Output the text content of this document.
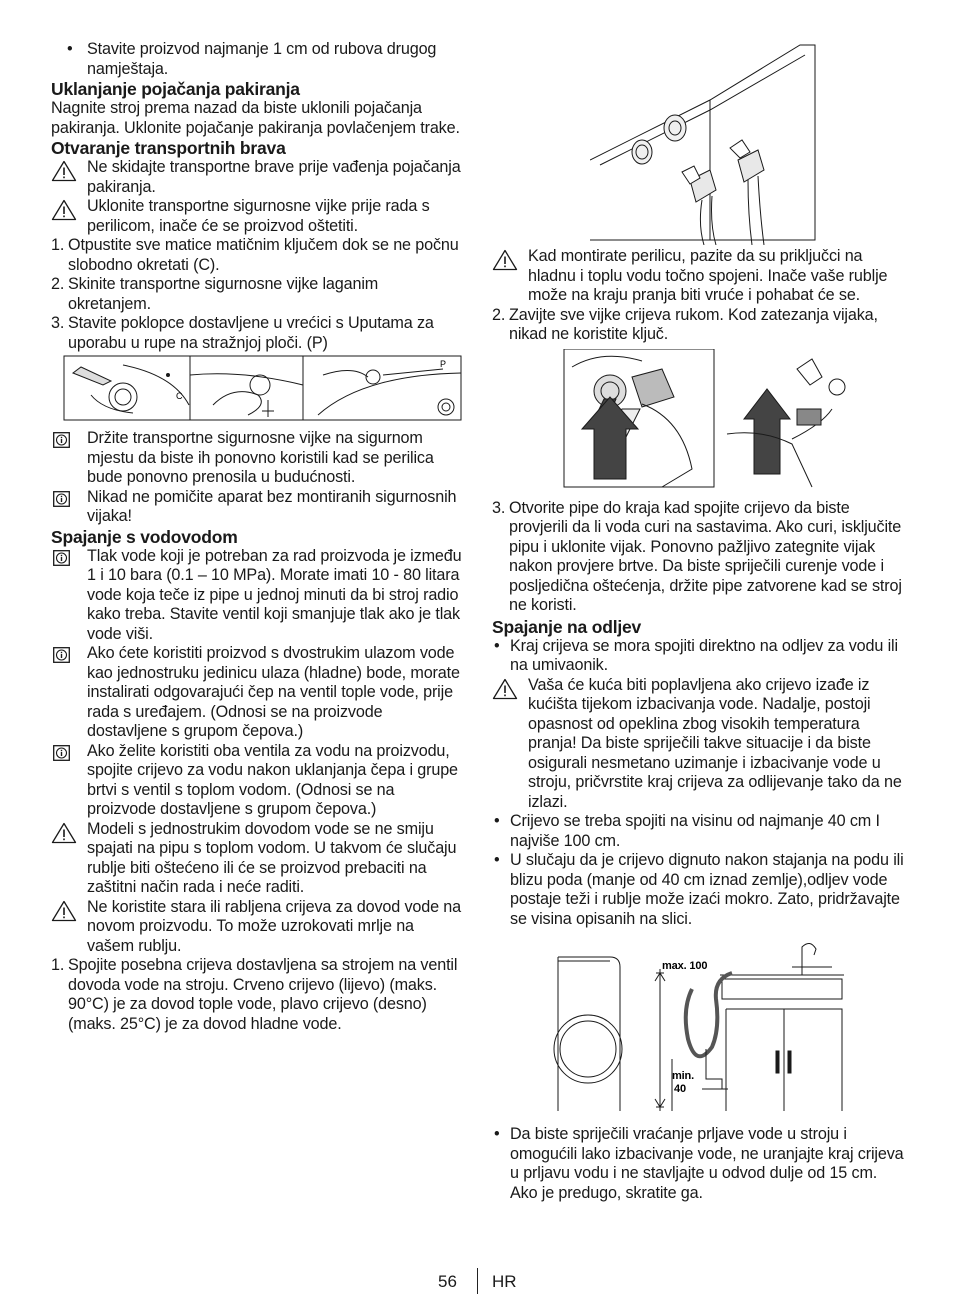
• Stavite proizvod najmanje 1 cm od rubova drugog namještaja.

Uklanjanje pojačanja pakiranja

Nagnite stroj prema nazad da biste uklonili pojačanja pakiranja. Uklonite pojačanje pakiranja povlačenjem trake.

Otvaranje transportnih brava

Ne skidajte transportne brave prije vađenja pojačanja pakiranja.

Uklonite transportne sigurnosne vijke prije rada s perilicom, inače će se proizvod oštetiti.

1. Otpustite sve matice matičnim ključem dok se ne počnu slobodno okretati (C).
2. Skinite transportne sigurnosne vijke laganim okretanjem.
3. Stavite poklopce dostavljene u vrećici s Uputama za uporabu u rupe na stražnjoj ploči. (P)
C
P

Držite transportne sigurnosne vijke na sigurnom mjestu da biste ih ponovno koristili kad se perilica bude ponovno prenosila u budućnosti.

Nikad ne pomičite aparat bez montiranih sigurnosnih vijaka!

Spajanje s vodovodom

Tlak vode koji je potreban za rad proizvoda je između 1 i 10 bara (0.1 – 10 MPa). Morate imati 10 - 80 litara vode koja teče iz pipe u jednoj minuti da bi stroj radio kako treba. Stavite ventil koji smanjuje tlak ako je tlak vode viši.

Ako ćete koristiti proizvod s dvostrukim ulazom vode kao jednostruku jedinicu ulaza (hladne) bode, morate instalirati odgovarajući čep na ventil tople vode, prije rada s uređajem. (Odnosi se na proizvode dostavljene s grupom čepova.)

Ako želite koristiti oba ventila za vodu na proizvodu, spojite crijevo za vodu nakon uklanjanja čepa i grupe brtvi s ventil s toplom vodom. (Odnosi se na proizvode dostavljene s grupom čepova.)

Modeli s jednostrukim dovodom vode se ne smiju spajati na pipu s toplom vodom. U takvom će slučaju rublje biti oštećeno ili će se proizvod prebaciti na zaštitni način rada i neće raditi.

Ne koristite stara ili rabljena crijeva za dovod vode na novom proizvodu. To može uzrokovati mrlje na vašem rublju.

1. Spojite posebna crijeva dostavljena sa strojem na ventil dovoda vode na stroju. Crveno crijevo (lijevo) (maks. 90°C) je za dovod tople vode, plavo crijevo (desno) (maks. 25°C) je za dovod hladne vode.

Kad montirate perilicu, pazite da su priključci na hladnu i toplu vodu točno spojeni. Inače vaše rublje može na kraju pranja biti vruće i pohabat će se.

2. Zavijte sve vijke crijeva rukom. Kod zatezanja vijaka, nikad ne koristite ključ.
3. Otvorite pipe do kraja kad spojite crijevo da biste provjerili da li voda curi na sastavima. Ako curi, isključite pipu i uklonite vijak. Ponovno pažljivo zategnite vijak nakon provjere brtve. Da biste spriječili curenje vode i posljedična oštećenja, držite pipe zatvorene kad se stroj ne koristi.
Spajanje na odljev
• Kraj crijeva se mora spojiti direktno na odljev za vodu ili na umivaonik.

Vaša će kuća biti poplavljena ako crijevo izađe iz kućišta tijekom izbacivanja vode. Nadalje, postoji opasnost od opeklina zbog visokih temperatura pranja! Da biste spriječili takve situacije i da biste osigurali nesmetano uzimanje i izbacivanje vode u stroju, pričvrstite kraj crijeva za odlijevanje tako da ne izlazi.

• Crijevo se treba spojiti na visinu od najmanje 40 cm I najviše 100 cm.

• U slučaju da je crijevo dignuto nakon stajanja na podu ili blizu poda (manje od 40 cm iznad zemlje),odljev vode postaje teži i rublje može izaći mokro. Zato, pridržavajte se visina opisanih na slici.

max. 100
min.
40
• Da biste spriječili vraćanje prljave vode u stroju i omogućili lako izbacivanje vode, ne uranjajte kraj crijeva u prljavu vodu i ne stavljajte u odvod dulje od 15 cm. Ako je predugo, skratite ga.

56 HR
